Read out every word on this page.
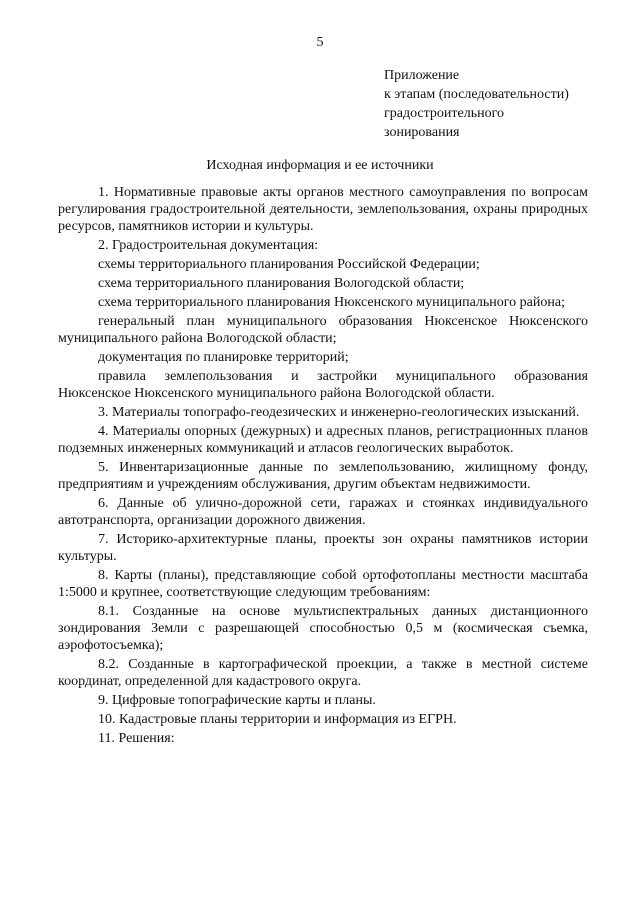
5
Приложение
к этапам (последовательности)
градостроительного
зонирования
Исходная информация и ее источники

1. Нормативные правовые акты органов местного самоуправления по вопросам регулирования градостроительной деятельности, землепользования, охраны природных ресурсов, памятников истории и культуры.

2. Градостроительная документация:

схемы территориального планирования Российской Федерации;

схема территориального планирования Вологодской области;

схема территориального планирования Нюксенского муниципального района;

генеральный план муниципального образования Нюксенское Нюксенского муниципального района Вологодской области;

документация по планировке территорий;

правила землепользования и застройки муниципального образования Нюксенское Нюксенского муниципального района Вологодской области.

3. Материалы топографо-геодезических и инженерно-геологических изысканий.

4. Материалы опорных (дежурных) и адресных планов, регистрационных планов подземных инженерных коммуникаций и атласов геологических выработок.

5. Инвентаризационные данные по землепользованию, жилищному фонду, предприятиям и учреждениям обслуживания, другим объектам недвижимости.

6. Данные об улично-дорожной сети, гаражах и стоянках индивидуального автотранспорта, организации дорожного движения.

7. Историко-архитектурные планы, проекты зон охраны памятников истории культуры.

8. Карты (планы), представляющие собой ортофотопланы местности масштаба 1:5000 и крупнее, соответствующие следующим требованиям:

8.1. Созданные на основе мультиспектральных данных дистанционного зондирования Земли с разрешающей способностью 0,5 м (космическая съемка, аэрофотосъемка);

8.2. Созданные в картографической проекции, а также в местной системе координат, определенной для кадастрового округа.

9. Цифровые топографические карты и планы.

10. Кадастровые планы территории и информация из ЕГРН.

11. Решения:
